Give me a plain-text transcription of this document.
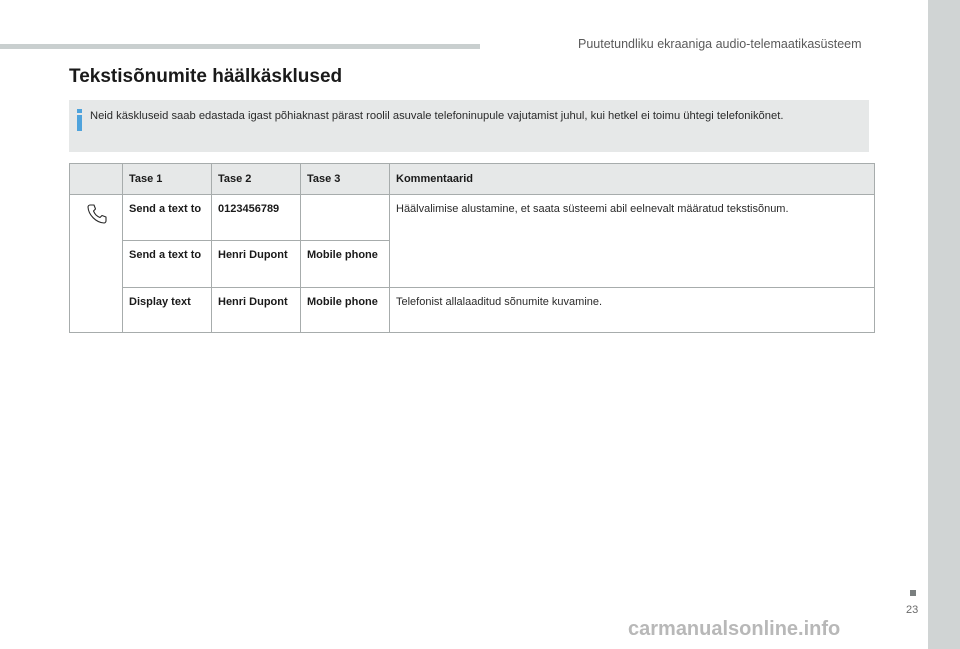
Puutetundliku ekraaniga audio-telemaatikasüsteem
Tekstisõnumite häälkäsklused
Neid käskluseid saab edastada igast põhiaknast pärast roolil asuvale telefoninupule vajutamist juhul, kui hetkel ei toimu ühtegi telefonikõnet.
	Tase 1	Tase 2	Tase 3	Kommentaarid

	Send a text to	0123456789		Häälvalimise alustamine, et saata süsteemi abil eelnevalt määratud tekstisõnum.
	Send a text to	Henri Dupont	Mobile phone	
	Display text	Henri Dupont	Mobile phone	Telefonist allalaaditud sõnumite kuvamine.
23
carmanualsonline.info
